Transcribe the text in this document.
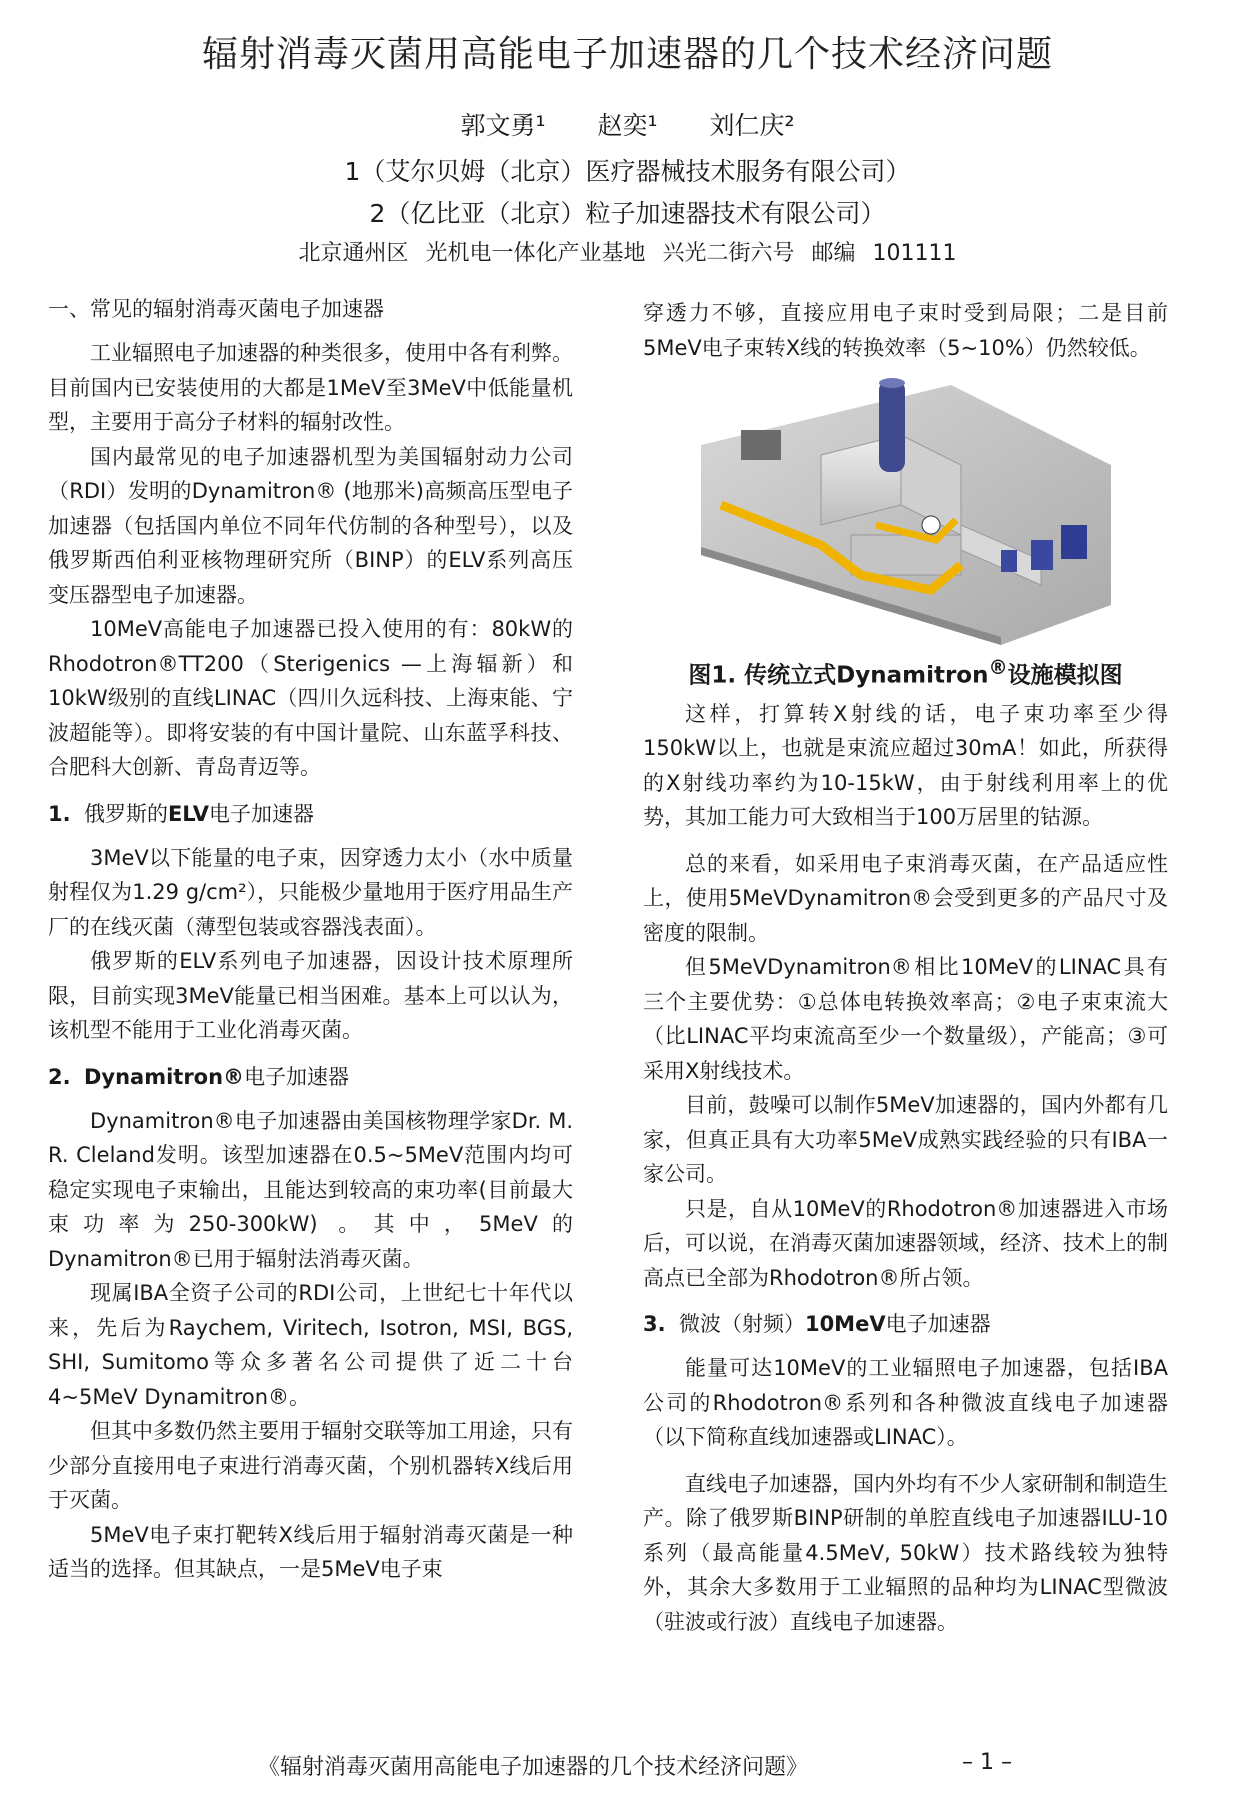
辐射消毒灭菌用高能电子加速器的几个技术经济问题
郭文勇¹ 赵奕¹ 刘仁庆²
1（艾尔贝姆（北京）医疗器械技术服务有限公司）
2（亿比亚（北京）粒子加速器技术有限公司）
北京通州区 光机电一体化产业基地 兴光二街六号 邮编 101111
一、常见的辐射消毒灭菌电子加速器

工业辐照电子加速器的种类很多，使用中各有利弊。目前国内已安装使用的大都是1MeV至3MeV中低能量机型，主要用于高分子材料的辐射改性。

国内最常见的电子加速器机型为美国辐射动力公司（RDI）发明的Dynamitron® (地那米)高频高压型电子加速器（包括国内单位不同年代仿制的各种型号），以及俄罗斯西伯利亚核物理研究所（BINP）的ELV系列高压变压器型电子加速器。

10MeV高能电子加速器已投入使用的有：80kW的Rhodotron®TT200（Sterigenics —上海辐新）和10kW级别的直线LINAC（四川久远科技、上海束能、宁波超能等）。即将安装的有中国计量院、山东蓝孚科技、合肥科大创新、青岛青迈等。

1. 俄罗斯的ELV电子加速器

3MeV以下能量的电子束，因穿透力太小（水中质量射程仅为1.29 g/cm²），只能极少量地用于医疗用品生产厂的在线灭菌（薄型包装或容器浅表面）。

俄罗斯的ELV系列电子加速器，因设计技术原理所限，目前实现3MeV能量已相当困难。基本上可以认为，该机型不能用于工业化消毒灭菌。

2. Dynamitron®电子加速器

Dynamitron®电子加速器由美国核物理学家Dr. M. R. Cleland发明。该型加速器在0.5~5MeV范围内均可稳定实现电子束输出，且能达到较高的束功率(目前最大束功率为250-300kW) 。其中，5MeV的Dynamitron®已用于辐射法消毒灭菌。

现属IBA全资子公司的RDI公司，上世纪七十年代以来，先后为Raychem, Viritech, Isotron, MSI, BGS, SHI, Sumitomo等众多著名公司提供了近二十台4~5MeV Dynamitron®。

但其中多数仍然主要用于辐射交联等加工用途，只有少部分直接用电子束进行消毒灭菌，个别机器转X线后用于灭菌。

5MeV电子束打靶转X线后用于辐射消毒灭菌是一种适当的选择。但其缺点，一是5MeV电子束

穿透力不够，直接应用电子束时受到局限；二是目前5MeV电子束转X线的转换效率（5~10%）仍然较低。

图1. 传统立式Dynamitron®设施模拟图

这样，打算转X射线的话，电子束功率至少得150kW以上，也就是束流应超过30mA！如此，所获得的X射线功率约为10-15kW，由于射线利用率上的优势，其加工能力可大致相当于100万居里的钴源。

总的来看，如采用电子束消毒灭菌，在产品适应性上，使用5MeVDynamitron®会受到更多的产品尺寸及密度的限制。

但5MeVDynamitron®相比10MeV的LINAC具有三个主要优势：①总体电转换效率高；②电子束束流大（比LINAC平均束流高至少一个数量级），产能高；③可采用X射线技术。

目前，鼓噪可以制作5MeV加速器的，国内外都有几家，但真正具有大功率5MeV成熟实践经验的只有IBA一家公司。

只是，自从10MeV的Rhodotron®加速器进入市场后，可以说，在消毒灭菌加速器领域，经济、技术上的制高点已全部为Rhodotron®所占领。

3. 微波（射频）10MeV电子加速器

能量可达10MeV的工业辐照电子加速器，包括IBA公司的Rhodotron®系列和各种微波直线电子加速器（以下简称直线加速器或LINAC）。

直线电子加速器，国内外均有不少人家研制和制造生产。除了俄罗斯BINP研制的单腔直线电子加速器ILU-10系列（最高能量4.5MeV, 50kW）技术路线较为独特外，其余大多数用于工业辐照的品种均为LINAC型微波（驻波或行波）直线电子加速器。

《辐射消毒灭菌用高能电子加速器的几个技术经济问题》	– 1 –
